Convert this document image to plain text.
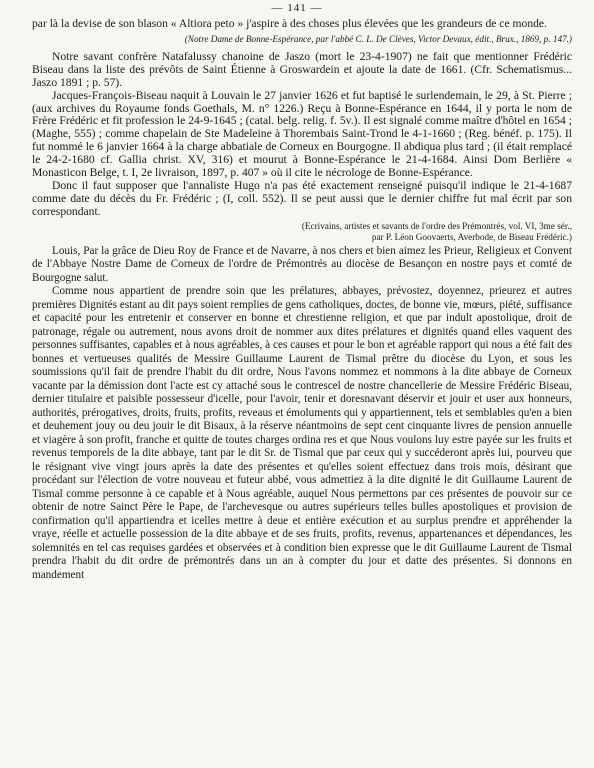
— 141 —

par là la devise de son blason « Altiora peto » j'aspire à des choses plus élevées que les grandeurs de ce monde.

(Notre Dame de Bonne-Espérance, par l'abbé C. L. De Clèves, Victor Devaux, édit., Brux., 1869, p. 147.)

Notre savant confrère Natafalussy chanoine de Jaszo (mort le 23-4-1907) ne fait que mentionner Frédéric Biseau dans la liste des prévôts de Saint Étienne à Groswardein et ajoute la date de 1661. (Cfr. Schematismus... Jaszo 1891 ; p. 57).

Jacques-François-Biseau naquit à Louvain le 27 janvier 1626 et fut baptisé le surlendemain, le 29, à St. Pierre ; (aux archives du Royaume fonds Goethals, M. n° 1226.) Reçu à Bonne-Espérance en 1644, il y porta le nom de Frère Frédéric et fit profession le 24-9-1645 ; (catal. belg. relig. f. 5v.). Il est signalé comme maître d'hôtel en 1654 ; (Maghe, 555) ; comme chapelain de Ste Madeleine à Thorembais Saint-Trond le 4-1-1660 ; (Reg. bénéf. p. 175). Il fut nommé le 6 janvier 1664 à la charge abbatiale de Corneux en Bourgogne. Il abdiqua plus tard ; (il était remplacé le 24-2-1680 cf. Gallia christ. XV, 316) et mourut à Bonne-Espérance le 21-4-1684. Ainsi Dom Berlière « Monasticon Belge, t. I, 2e livraison, 1897, p. 407 » où il cite le nécrologe de Bonne-Espérance.

Donc il faut supposer que l'annaliste Hugo n'a pas été exactement renseigné puisqu'il indique le 21-4-1687 comme date du décès du Fr. Frédéric ; (I, coll. 552). Il se peut aussi que le dernier chiffre fut mal écrit par son correspondant.

(Ecrivains, artistes et savants de l'ordre des Prémontrés, vol. VI, 3me sér.,

par P. Léon Goovaerts, Averbode, de Biseau Frédéric.)

Louis, Par la grâce de Dieu Roy de France et de Navarre, à nos chers et bien aimez les Prieur, Religieux et Convent de l'Abbaye Nostre Dame de Corneux de l'ordre de Prémontrés au diocèse de Besançon en nostre pays et comté de Bourgogne salut.

Comme nous appartient de prendre soin que les prélatures, abbayes, prévostez, doyennez, prieurez et autres premières Dignités estant au dit pays soient remplies de gens catholiques, doctes, de bonne vie, mœurs, piété, suffisance et capacité pour les entretenir et conserver en bonne et chrestienne religion, et que par indult apostolique, droit de patronage, régale ou autrement, nous avons droit de nommer aux dites prélatures et dignités quand elles vaquent des personnes suffisantes, capables et à nous agréables, à ces causes et pour le bon et agréable rapport qui nous a été fait des bonnes et vertueuses qualités de Messire Guillaume Laurent de Tismal prêtre du diocèse du Lyon, et sous les soumissions qu'il fait de prendre l'habit du dit ordre, Nous l'avons nommez et nommons à la dite abbaye de Corneux vacante par la démission dont l'acte est cy attaché sous le contrescel de nostre chancellerie de Messire Frédéric Biseau, dernier titulaire et paisible possesseur d'icelle, pour l'avoir, tenir et doresnavant déservir et jouir et user aux honneurs, authorités, prérogatives, droits, fruits, profits, reveaus et émoluments qui y appartiennent, tels et semblables qu'en a bien et deuhement jouy ou deu jouir le dit Bisaux, à la réserve néantmoins de sept cent cinquante livres de pension annuelle et viagère à son profit, franche et quitte de toutes charges ordina res et que Nous voulons luy estre payée sur les fruits et revenus temporels de la dite abbaye, tant par le dit Sr. de Tismal que par ceux qui y succéderont après lui, pourveu que le résignant vive vingt jours après la date des présentes et qu'elles soient effectuez dans trois mois, désirant que procédant sur l'élection de votre nouveau et futeur abbé, vous admettiez à la dite dignité le dit Guillaume Laurent de Tismal comme personne à ce capable et à Nous agréable, auquel Nous permettons par ces présentes de pouvoir sur ce obtenir de notre Sainct Père le Pape, de l'archevesque ou autres supérieurs telles bulles apostoliques et provision de confirmation qu'il appartiendra et icelles mettre à deue et entière exécution et au surplus prendre et appréhender la vraye, réelle et actuelle possession de la dite abbaye et de ses fruits, profits, revenus, appartenances et dépendances, les solemnités en tel cas requises gardées et observées et à condition bien expresse que le dit Guillaume Laurent de Tismal prendra l'habit du dit ordre de prémontrés dans un an à compter du jour et datte des présentes. Si donnons en mandement
